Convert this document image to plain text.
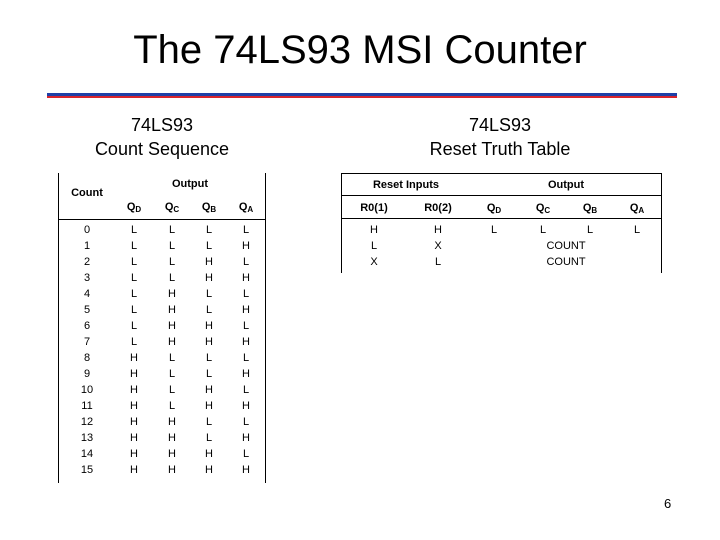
The 74LS93 MSI Counter
74LS93
Count Sequence
74LS93
Reset Truth Table
Count
Output
$Q_D$	$Q_C$	$Q_B$	$Q_A$
0	L	L	L	L
1	L	L	L	H
2	L	L	H	L
3	L	L	H	H
4	L	H	L	L
5	L	H	L	H
6	L	H	H	L
7	L	H	H	H
8	H	L	L	L
9	H	L	L	H
10	H	L	H	L
11	H	L	H	H
12	H	H	L	L
13	H	H	L	H
14	H	H	H	L
15	H	H	H	H
Reset Inputs	Output
R0(1)	R0(2)	$Q_D$	$Q_C$	$Q_B$	$Q_A$
H	H	L	L	L	L
L	X	COUNT
X	L	COUNT
6
